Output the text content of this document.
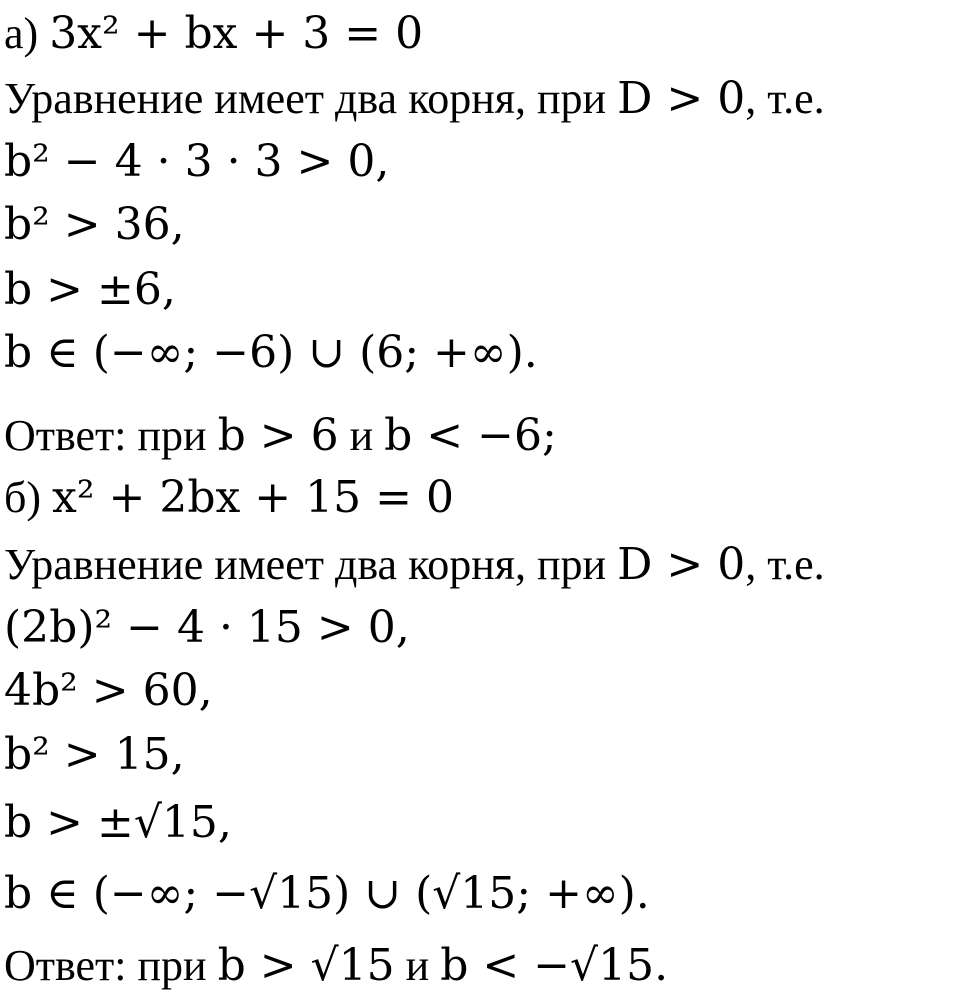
а) 3x² + bx + 3 = 0
Уравнение имеет два корня, при D > 0, т.е.
b² − 4 · 3 · 3 > 0,
b² > 36,
b > ±6,
b ∈ (−∞; −6) ∪ (6; +∞).
Ответ: при b > 6 и b < −6;
б) x² + 2bx + 15 = 0
Уравнение имеет два корня, при D > 0, т.е.
(2b)² − 4 · 15 > 0,
4b² > 60,
b² > 15,
b > ±√15,
b ∈ (−∞; −√15) ∪ (√15; +∞).
Ответ: при b > √15 и b < −√15.
